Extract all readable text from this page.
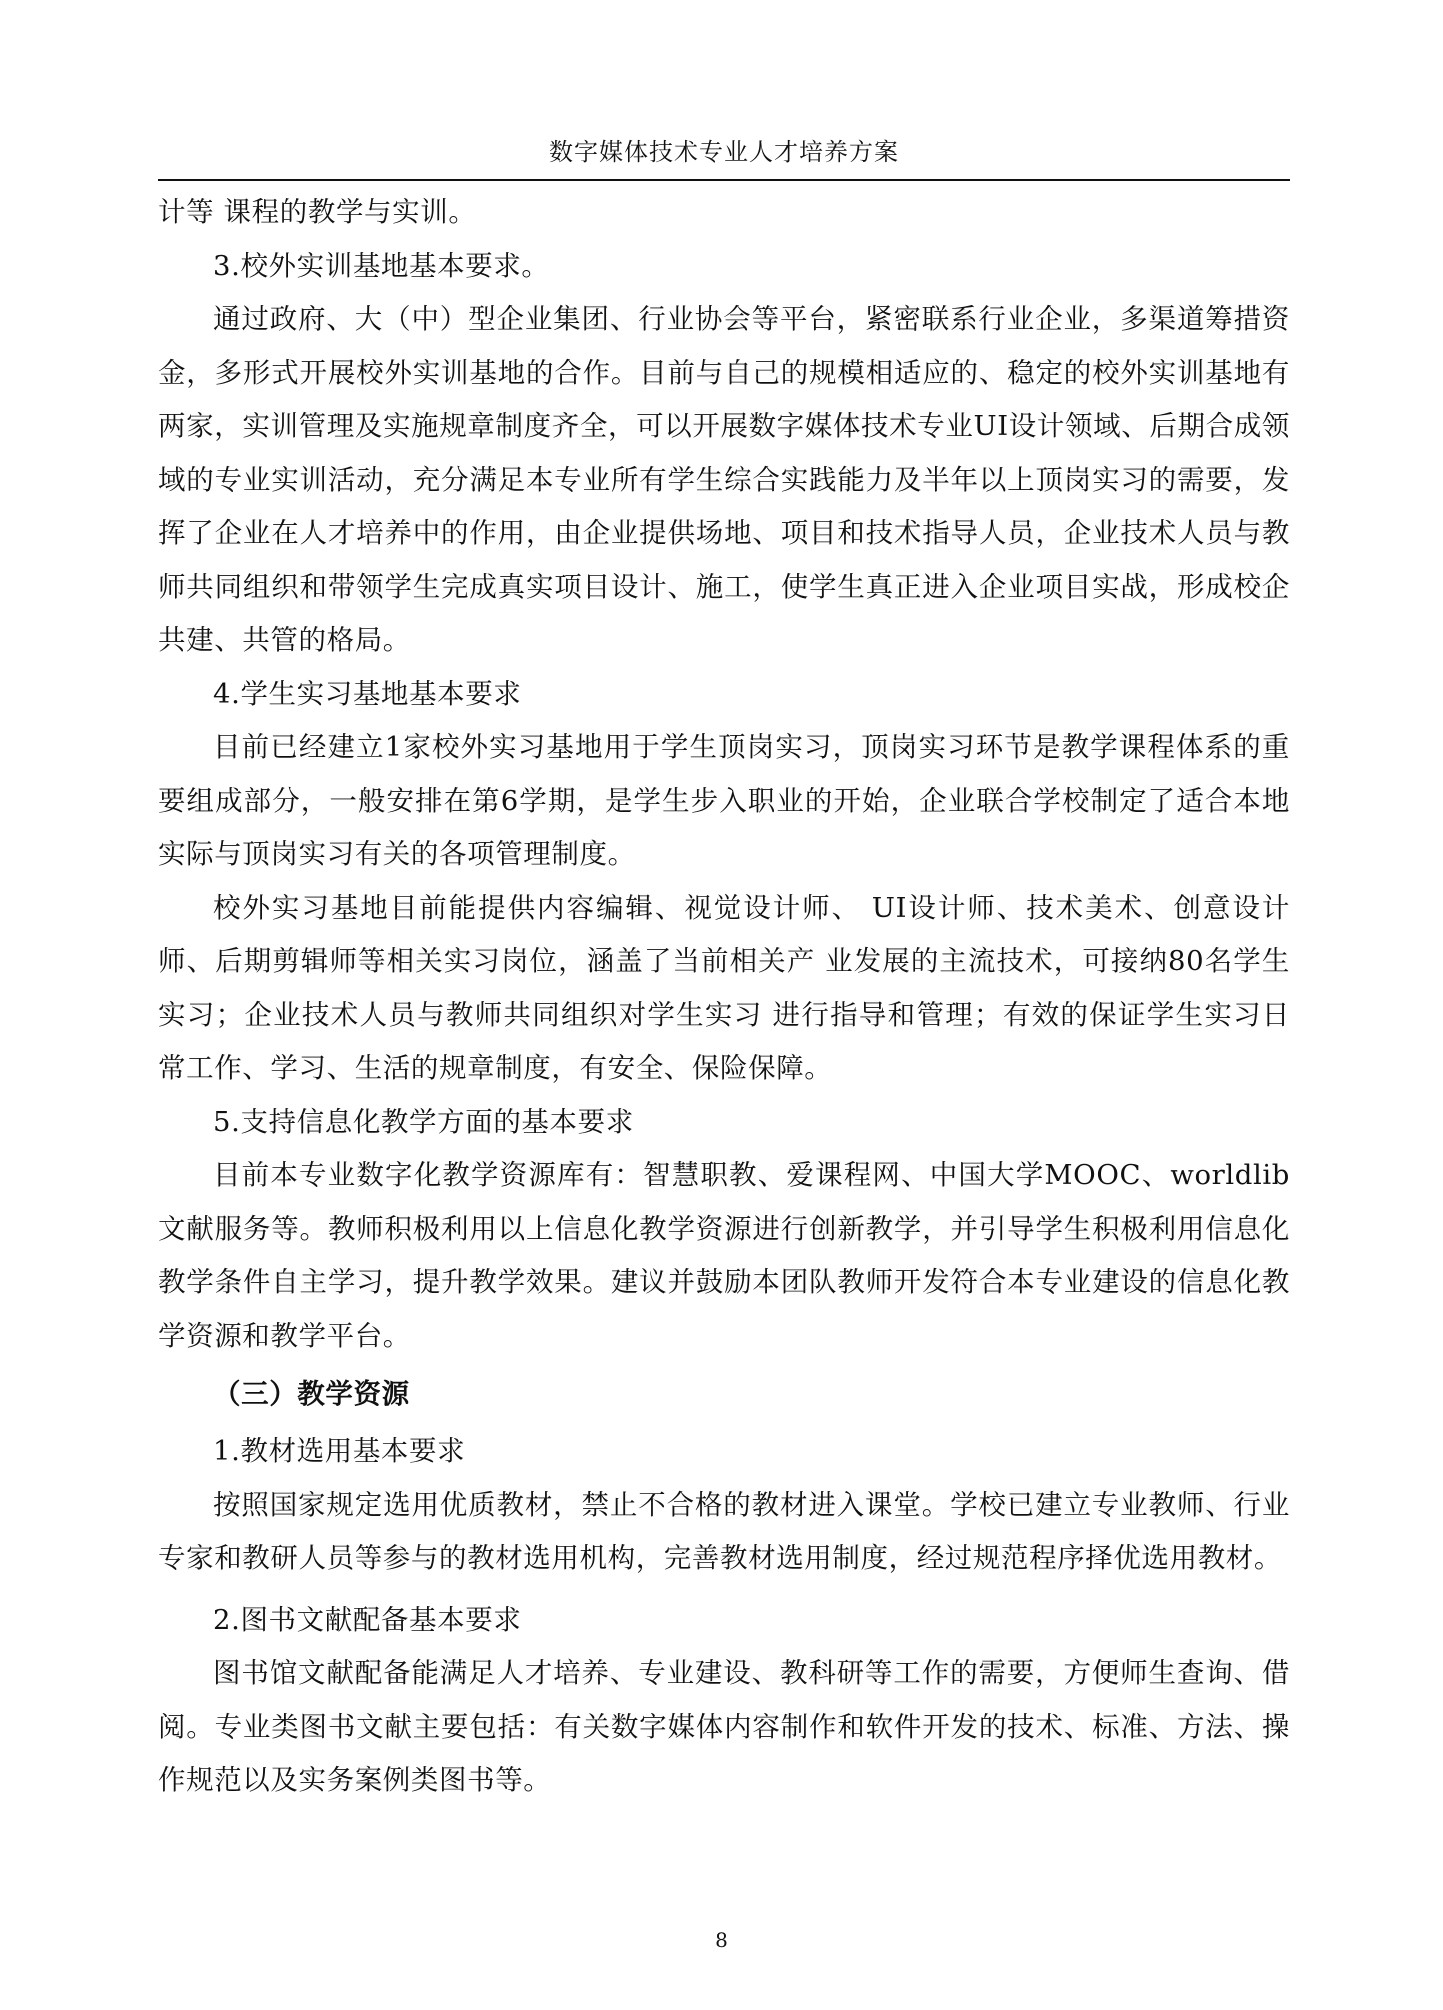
数字媒体技术专业人才培养方案

计等 课程的教学与实训。

3.校外实训基地基本要求。

通过政府、大（中）型企业集团、行业协会等平台，紧密联系行业企业，多渠道筹措资金，多形式开展校外实训基地的合作。目前与自己的规模相适应的、稳定的校外实训基地有两家，实训管理及实施规章制度齐全，可以开展数字媒体技术专业UI设计领域、后期合成领域的专业实训活动，充分满足本专业所有学生综合实践能力及半年以上顶岗实习的需要，发挥了企业在人才培养中的作用，由企业提供场地、项目和技术指导人员，企业技术人员与教师共同组织和带领学生完成真实项目设计、施工，使学生真正进入企业项目实战，形成校企共建、共管的格局。

4.学生实习基地基本要求

目前已经建立1家校外实习基地用于学生顶岗实习，顶岗实习环节是教学课程体系的重要组成部分，一般安排在第6学期，是学生步入职业的开始，企业联合学校制定了适合本地实际与顶岗实习有关的各项管理制度。

校外实习基地目前能提供内容编辑、视觉设计师、 UI设计师、技术美术、创意设计师、后期剪辑师等相关实习岗位，涵盖了当前相关产 业发展的主流技术，可接纳80名学生实习；企业技术人员与教师共同组织对学生实习 进行指导和管理；有效的保证学生实习日常工作、学习、生活的规章制度，有安全、保险保障。

5.支持信息化教学方面的基本要求

目前本专业数字化教学资源库有：智慧职教、爱课程网、中国大学MOOC、worldlib文献服务等。教师积极利用以上信息化教学资源进行创新教学，并引导学生积极利用信息化教学条件自主学习，提升教学效果。建议并鼓励本团队教师开发符合本专业建设的信息化教学资源和教学平台。

（三）教学资源

1.教材选用基本要求

按照国家规定选用优质教材，禁止不合格的教材进入课堂。学校已建立专业教师、行业专家和教研人员等参与的教材选用机构，完善教材选用制度，经过规范程序择优选用教材。

2.图书文献配备基本要求

图书馆文献配备能满足人才培养、专业建设、教科研等工作的需要，方便师生查询、借 阅。专业类图书文献主要包括：有关数字媒体内容制作和软件开发的技术、标准、方法、操作规范以及实务案例类图书等。

8
